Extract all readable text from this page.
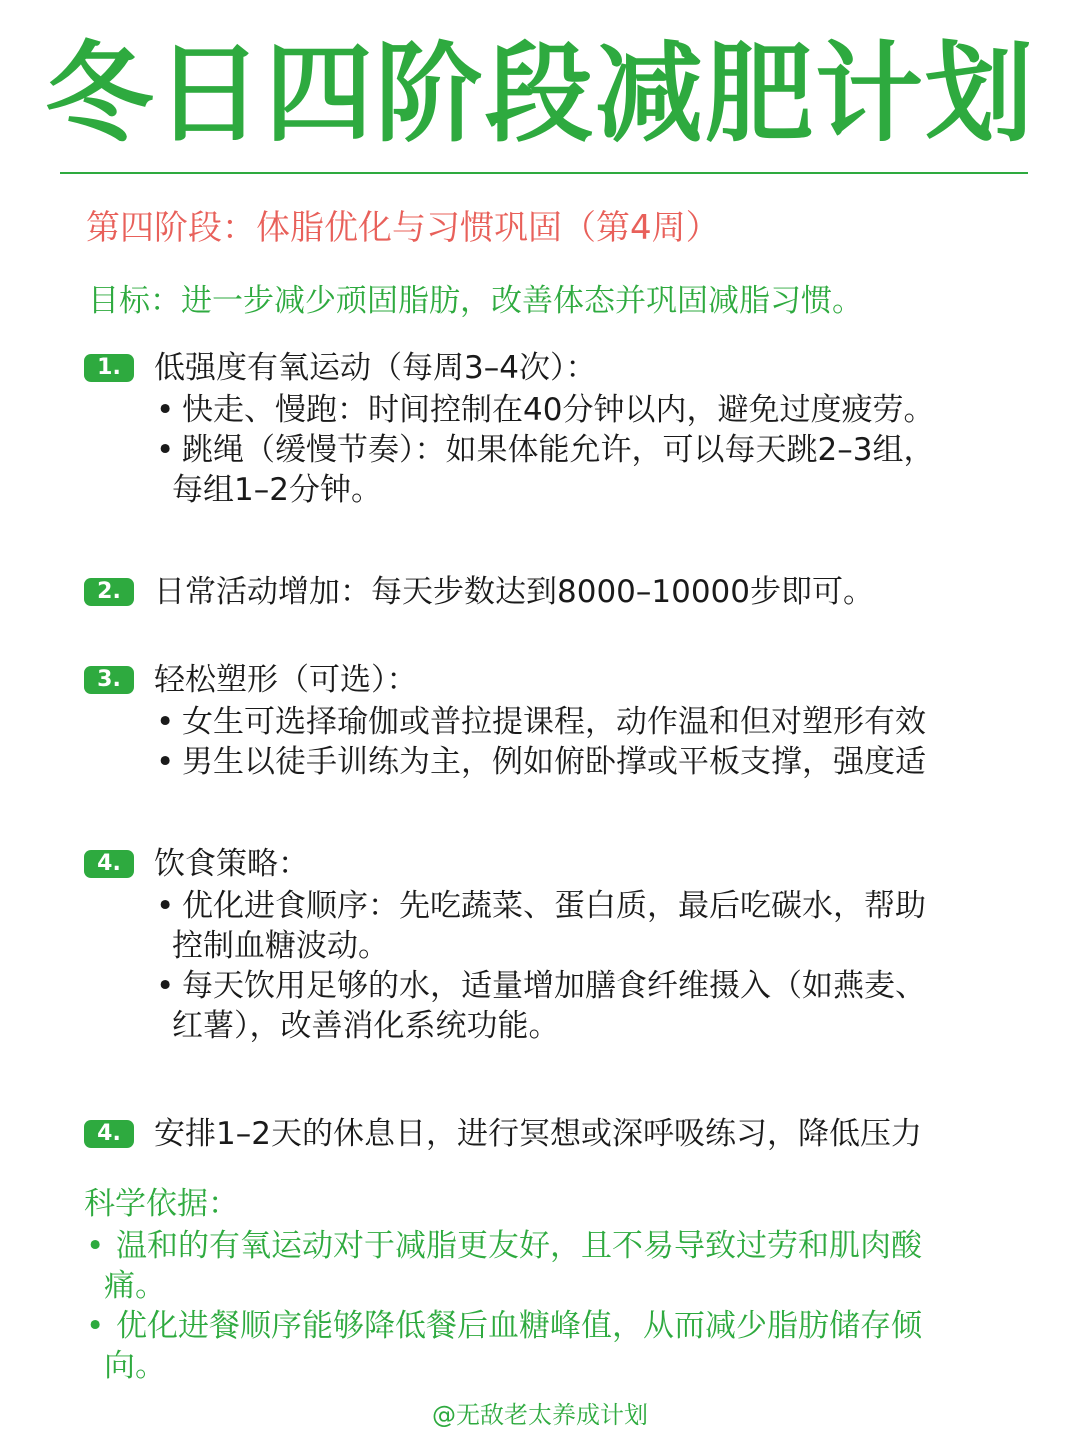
冬日四阶段减肥计划
第四阶段：体脂优化与习惯巩固（第4周）
目标：进一步减少顽固脂肪，改善体态并巩固减脂习惯。
1.	低强度有氧运动（每周3–4次）：
• 快走、慢跑：时间控制在40分钟以内，避免过度疲劳。
• 跳绳（缓慢节奏）：如果体能允许，可以每天跳2–3组，
每组1–2分钟。
2.	日常活动增加：每天步数达到8000–10000步即可。
3.	轻松塑形（可选）：
• 女生可选择瑜伽或普拉提课程，动作温和但对塑形有效
• 男生以徒手训练为主，例如俯卧撑或平板支撑，强度适
4.	饮食策略：
• 优化进食顺序：先吃蔬菜、蛋白质，最后吃碳水，帮助
控制血糖波动。
• 每天饮用足够的水，适量增加膳食纤维摄入（如燕麦、
红薯），改善消化系统功能。
4.	安排1–2天的休息日，进行冥想或深呼吸练习，降低压力
科学依据：
• 温和的有氧运动对于减脂更友好，且不易导致过劳和肌肉酸
痛。
• 优化进餐顺序能够降低餐后血糖峰值，从而减少脂肪储存倾
向。
@无敌老太养成计划
